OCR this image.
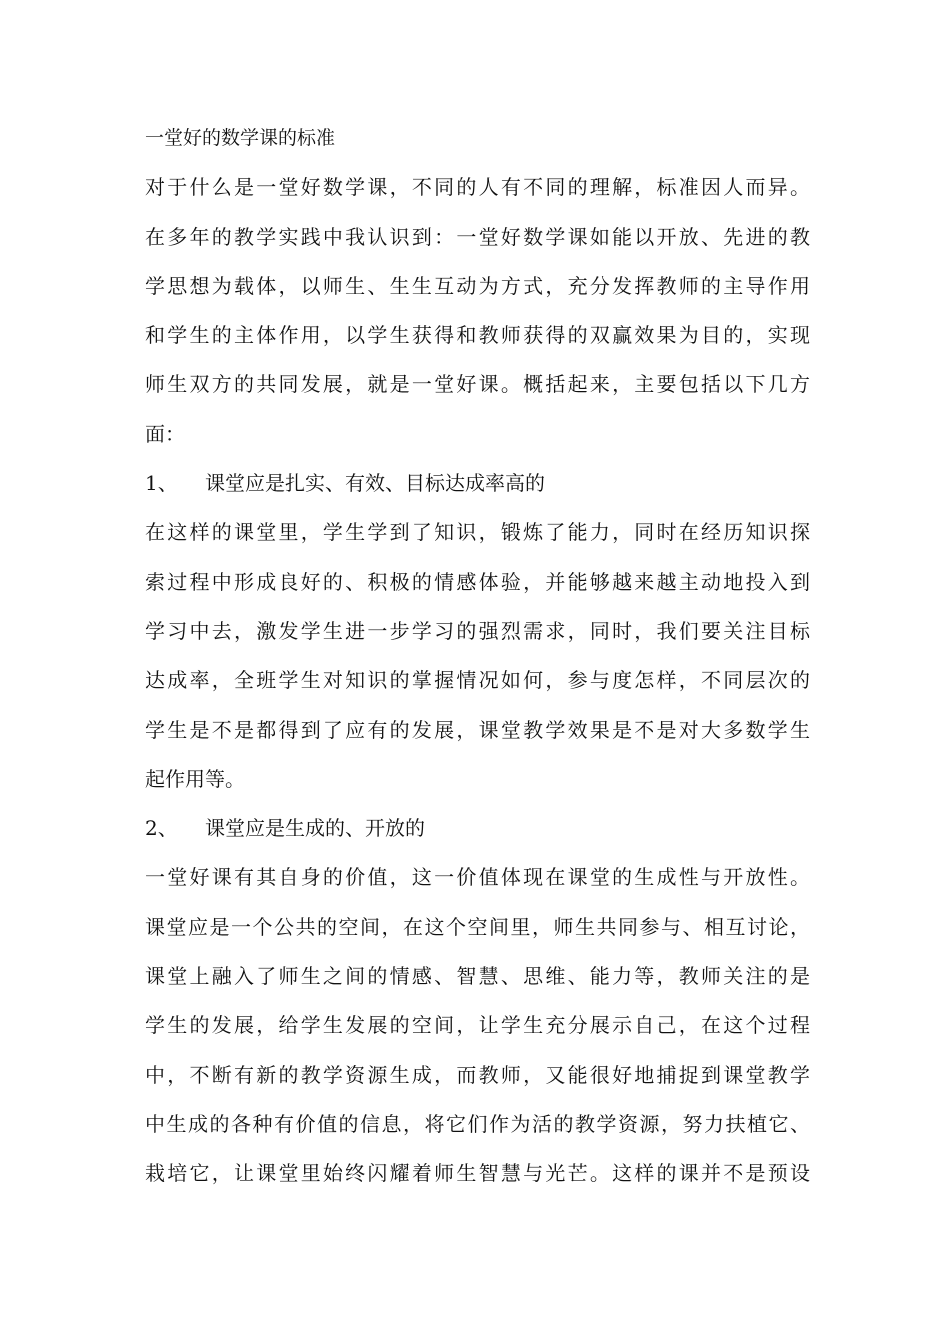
一堂好的数学课的标准
对于什么是一堂好数学课，不同的人有不同的理解，标准因人而异。
在多年的教学实践中我认识到：一堂好数学课如能以开放、先进的教
学思想为载体，以师生、生生互动为方式，充分发挥教师的主导作用
和学生的主体作用，以学生获得和教师获得的双赢效果为目的，实现
师生双方的共同发展，就是一堂好课。概括起来，主要包括以下几方
面：
1、	课堂应是扎实、有效、目标达成率高的
在这样的课堂里，学生学到了知识，锻炼了能力，同时在经历知识探
索过程中形成良好的、积极的情感体验，并能够越来越主动地投入到
学习中去，激发学生进一步学习的强烈需求，同时，我们要关注目标
达成率，全班学生对知识的掌握情况如何，参与度怎样，不同层次的
学生是不是都得到了应有的发展，课堂教学效果是不是对大多数学生
起作用等。
2、	课堂应是生成的、开放的
一堂好课有其自身的价值，这一价值体现在课堂的生成性与开放性。
课堂应是一个公共的空间，在这个空间里，师生共同参与、相互讨论，
课堂上融入了师生之间的情感、智慧、思维、能力等，教师关注的是
学生的发展，给学生发展的空间，让学生充分展示自己，在这个过程
中，不断有新的教学资源生成，而教师，又能很好地捕捉到课堂教学
中生成的各种有价值的信息，将它们作为活的教学资源，努力扶植它、
栽培它，让课堂里始终闪耀着师生智慧与光芒。这样的课并不是预设
